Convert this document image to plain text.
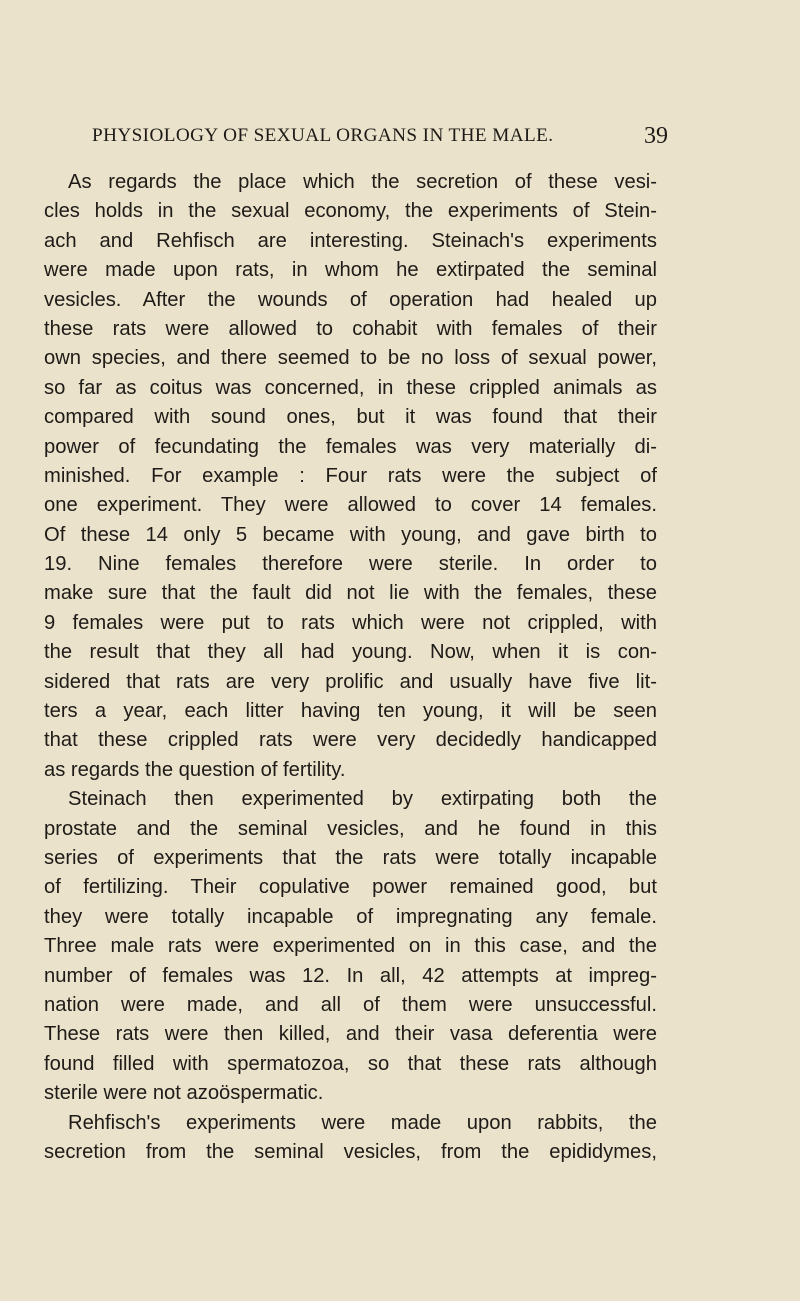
PHYSIOLOGY OF SEXUAL ORGANS IN THE MALE.	39
As regards the place which the secretion of these vesi-
cles holds in the sexual economy, the experiments of Stein-
ach and Rehfisch are interesting. Steinach's experiments
were made upon rats, in whom he extirpated the seminal
vesicles. After the wounds of operation had healed up
these rats were allowed to cohabit with females of their
own species, and there seemed to be no loss of sexual power,
so far as coitus was concerned, in these crippled animals as
compared with sound ones, but it was found that their
power of fecundating the females was very materially di-
minished. For example : Four rats were the subject of
one experiment. They were allowed to cover 14 females.
Of these 14 only 5 became with young, and gave birth to
19. Nine females therefore were sterile. In order to
make sure that the fault did not lie with the females, these
9 females were put to rats which were not crippled, with
the result that they all had young. Now, when it is con-
sidered that rats are very prolific and usually have five lit-
ters a year, each litter having ten young, it will be seen
that these crippled rats were very decidedly handicapped
as regards the question of fertility.
Steinach then experimented by extirpating both the
prostate and the seminal vesicles, and he found in this
series of experiments that the rats were totally incapable
of fertilizing. Their copulative power remained good, but
they were totally incapable of impregnating any female.
Three male rats were experimented on in this case, and the
number of females was 12. In all, 42 attempts at impreg-
nation were made, and all of them were unsuccessful.
These rats were then killed, and their vasa deferentia were
found filled with spermatozoa, so that these rats although
sterile were not azoöspermatic.
Rehfisch's experiments were made upon rabbits, the
secretion from the seminal vesicles, from the epididymes,
